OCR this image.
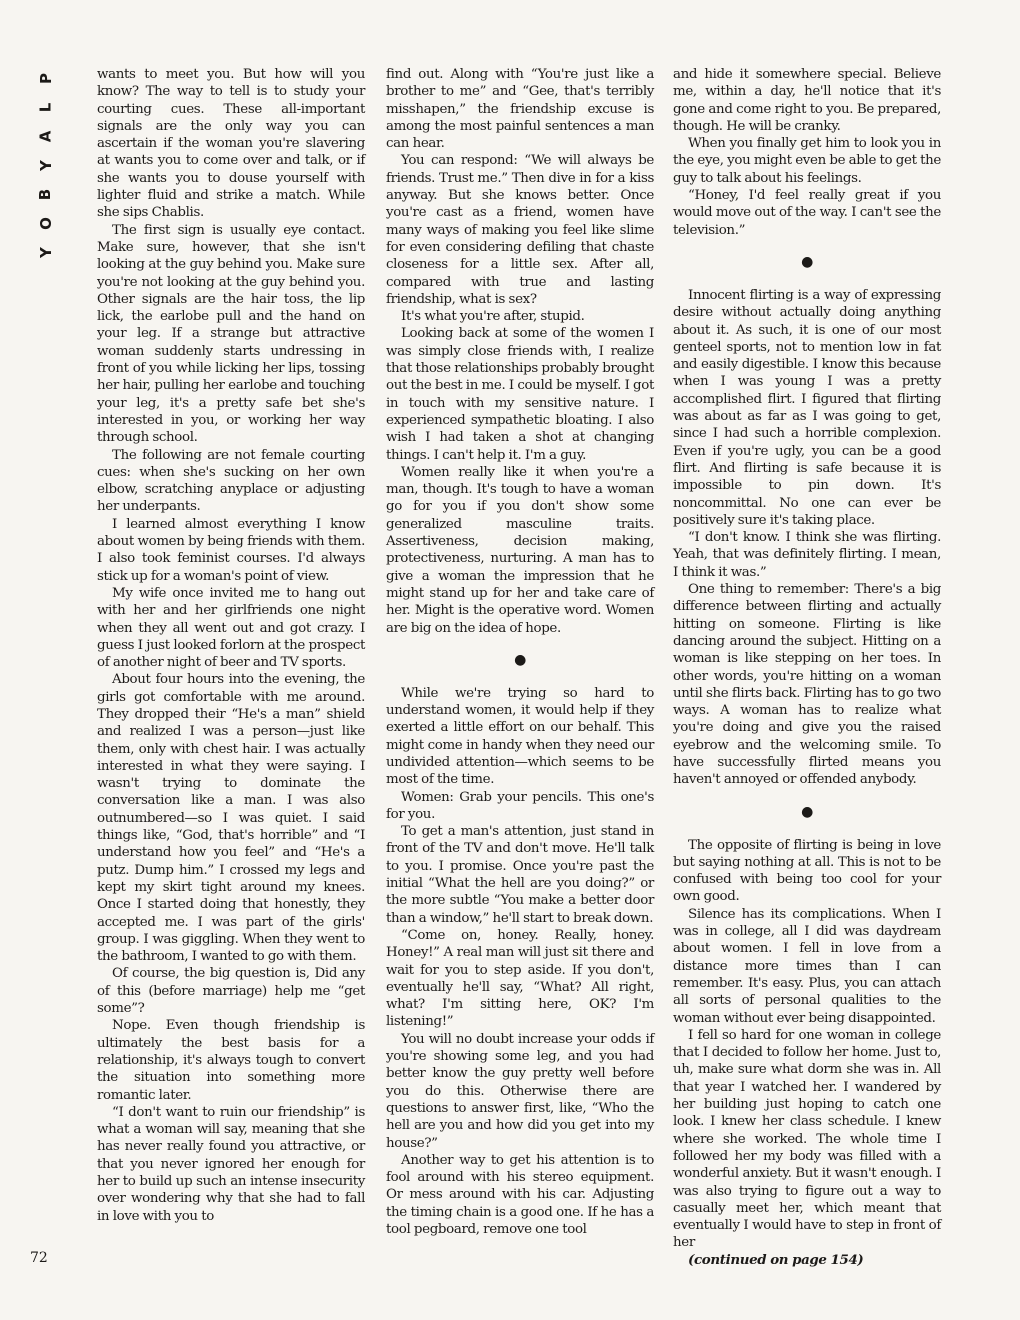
P
L
A
Y
B
O
Y

wants to meet you. But how will you know? The way to tell is to study your courting cues. These all-important signals are the only way you can ascertain if the woman you're slavering at wants you to come over and talk, or if she wants you to douse yourself with lighter fluid and strike a match. While she sips Chablis.

The first sign is usually eye contact. Make sure, however, that she isn't looking at the guy behind you. Make sure you're not looking at the guy behind you. Other signals are the hair toss, the lip lick, the earlobe pull and the hand on your leg. If a strange but attractive woman suddenly starts undressing in front of you while licking her lips, tossing her hair, pulling her earlobe and touching your leg, it's a pretty safe bet she's interested in you, or working her way through school.

The following are not female courting cues: when she's sucking on her own elbow, scratching anyplace or adjusting her underpants.

I learned almost everything I know about women by being friends with them. I also took feminist courses. I'd always stick up for a woman's point of view.

My wife once invited me to hang out with her and her girlfriends one night when they all went out and got crazy. I guess I just looked forlorn at the prospect of another night of beer and TV sports.

About four hours into the evening, the girls got comfortable with me around. They dropped their “He's a man” shield and realized I was a person—just like them, only with chest hair. I was actually interested in what they were saying. I wasn't trying to dominate the conversation like a man. I was also outnumbered—so I was quiet. I said things like, “God, that's horrible” and “I understand how you feel” and “He's a putz. Dump him.” I crossed my legs and kept my skirt tight around my knees. Once I started doing that honestly, they accepted me. I was part of the girls' group. I was giggling. When they went to the bathroom, I wanted to go with them.

Of course, the big question is, Did any of this (before marriage) help me “get some”?

Nope. Even though friendship is ultimately the best basis for a relationship, it's always tough to convert the situation into something more romantic later.

“I don't want to ruin our friendship” is what a woman will say, meaning that she has never really found you attractive, or that you never ignored her enough for her to build up such an intense insecurity over wondering why that she had to fall in love with you to

find out. Along with “You're just like a brother to me” and “Gee, that's terribly misshapen,” the friendship excuse is among the most painful sentences a man can hear.

You can respond: “We will always be friends. Trust me.” Then dive in for a kiss anyway. But she knows better. Once you're cast as a friend, women have many ways of making you feel like slime for even considering defiling that chaste closeness for a little sex. After all, compared with true and lasting friendship, what is sex?

It's what you're after, stupid.

Looking back at some of the women I was simply close friends with, I realize that those relationships probably brought out the best in me. I could be myself. I got in touch with my sensitive nature. I experienced sympathetic bloating. I also wish I had taken a shot at changing things. I can't help it. I'm a guy.

Women really like it when you're a man, though. It's tough to have a woman go for you if you don't show some generalized masculine traits. Assertiveness, decision making, protectiveness, nurturing. A man has to give a woman the impression that he might stand up for her and take care of her. Might is the operative word. Women are big on the idea of hope.

●

While we're trying so hard to understand women, it would help if they exerted a little effort on our behalf. This might come in handy when they need our undivided attention—which seems to be most of the time.

Women: Grab your pencils. This one's for you.

To get a man's attention, just stand in front of the TV and don't move. He'll talk to you. I promise. Once you're past the initial “What the hell are you doing?” or the more subtle “You make a better door than a window,” he'll start to break down.

“Come on, honey. Really, honey. Honey!” A real man will just sit there and wait for you to step aside. If you don't, eventually he'll say, “What? All right, what? I'm sitting here, OK? I'm listening!”

You will no doubt increase your odds if you're showing some leg, and you had better know the guy pretty well before you do this. Otherwise there are questions to answer first, like, “Who the hell are you and how did you get into my house?”

Another way to get his attention is to fool around with his stereo equipment. Or mess around with his car. Adjusting the timing chain is a good one. If he has a tool pegboard, remove one tool

and hide it somewhere special. Believe me, within a day, he'll notice that it's gone and come right to you. Be prepared, though. He will be cranky.

When you finally get him to look you in the eye, you might even be able to get the guy to talk about his feelings.

“Honey, I'd feel really great if you would move out of the way. I can't see the television.”

●

Innocent flirting is a way of expressing desire without actually doing anything about it. As such, it is one of our most genteel sports, not to mention low in fat and easily digestible. I know this because when I was young I was a pretty accomplished flirt. I figured that flirting was about as far as I was going to get, since I had such a horrible complexion. Even if you're ugly, you can be a good flirt. And flirting is safe because it is impossible to pin down. It's noncommittal. No one can ever be positively sure it's taking place.

“I don't know. I think she was flirting. Yeah, that was definitely flirting. I mean, I think it was.”

One thing to remember: There's a big difference between flirting and actually hitting on someone. Flirting is like dancing around the subject. Hitting on a woman is like stepping on her toes. In other words, you're hitting on a woman until she flirts back. Flirting has to go two ways. A woman has to realize what you're doing and give you the raised eyebrow and the welcoming smile. To have successfully flirted means you haven't annoyed or offended anybody.

●

The opposite of flirting is being in love but saying nothing at all. This is not to be confused with being too cool for your own good.

Silence has its complications. When I was in college, all I did was daydream about women. I fell in love from a distance more times than I can remember. It's easy. Plus, you can attach all sorts of personal qualities to the woman without ever being disappointed.

I fell so hard for one woman in college that I decided to follow her home. Just to, uh, make sure what dorm she was in. All that year I watched her. I wandered by her building just hoping to catch one look. I knew her class schedule. I knew where she worked. The whole time I followed her my body was filled with a wonderful anxiety. But it wasn't enough. I was also trying to figure out a way to casually meet her, which meant that eventually I would have to step in front of her

(continued on page 154)

72
